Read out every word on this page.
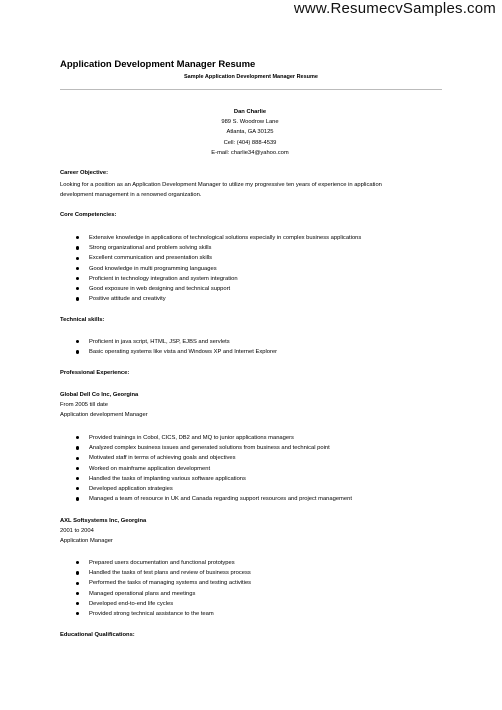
www.ResumecvSamples.com
Application Development Manager Resume
Sample Application Development Manager Resume
Dan Charlie
989 S. Woodrow Lane
Atlanta, GA 30125
Cell: (404) 888-4539
E-mail: charlie34@yahoo.com
Career Objective:
Looking for a position as an Application Development Manager to utilize my progressive ten years of experience in application
development management in a renowned organization.
Core Competencies:
Extensive knowledge in applications of technological solutions especially in complex business applications
Strong organizational and problem solving skills
Excellent communication and presentation skills
Good knowledge in multi programming languages
Proficient in technology integration and system integration
Good exposure in web designing and technical support
Positive attitude and creativity
Technical skills:
Proficient in java script, HTML, JSP, EJBS and servlets
Basic operating systems like vista and Windows XP and Internet Explorer
Professional Experience:
Global Dell Co Inc, Georgina
From 2005 till date
Application development Manager
Provided trainings in Cobol, CICS, DB2 and MQ to junior applications managers
Analyzed complex business issues and generated solutions from business and technical point
Motivated staff in terms of achieving goals and objectives
Worked on mainframe application development
Handled the tasks of implanting various software applications
Developed application strategies
Managed a team of resource in UK and Canada regarding support resources and project management
AXL Softsystems Inc, Georgina
2001 to 2004
Application Manager
Prepared users documentation and functional prototypes
Handled the tasks of test plans and review of business process
Performed the tasks of managing systems and testing activities
Managed operational plans and meetings
Developed end-to-end life cycles
Provided strong technical assistance to the team
Educational Qualifications:
